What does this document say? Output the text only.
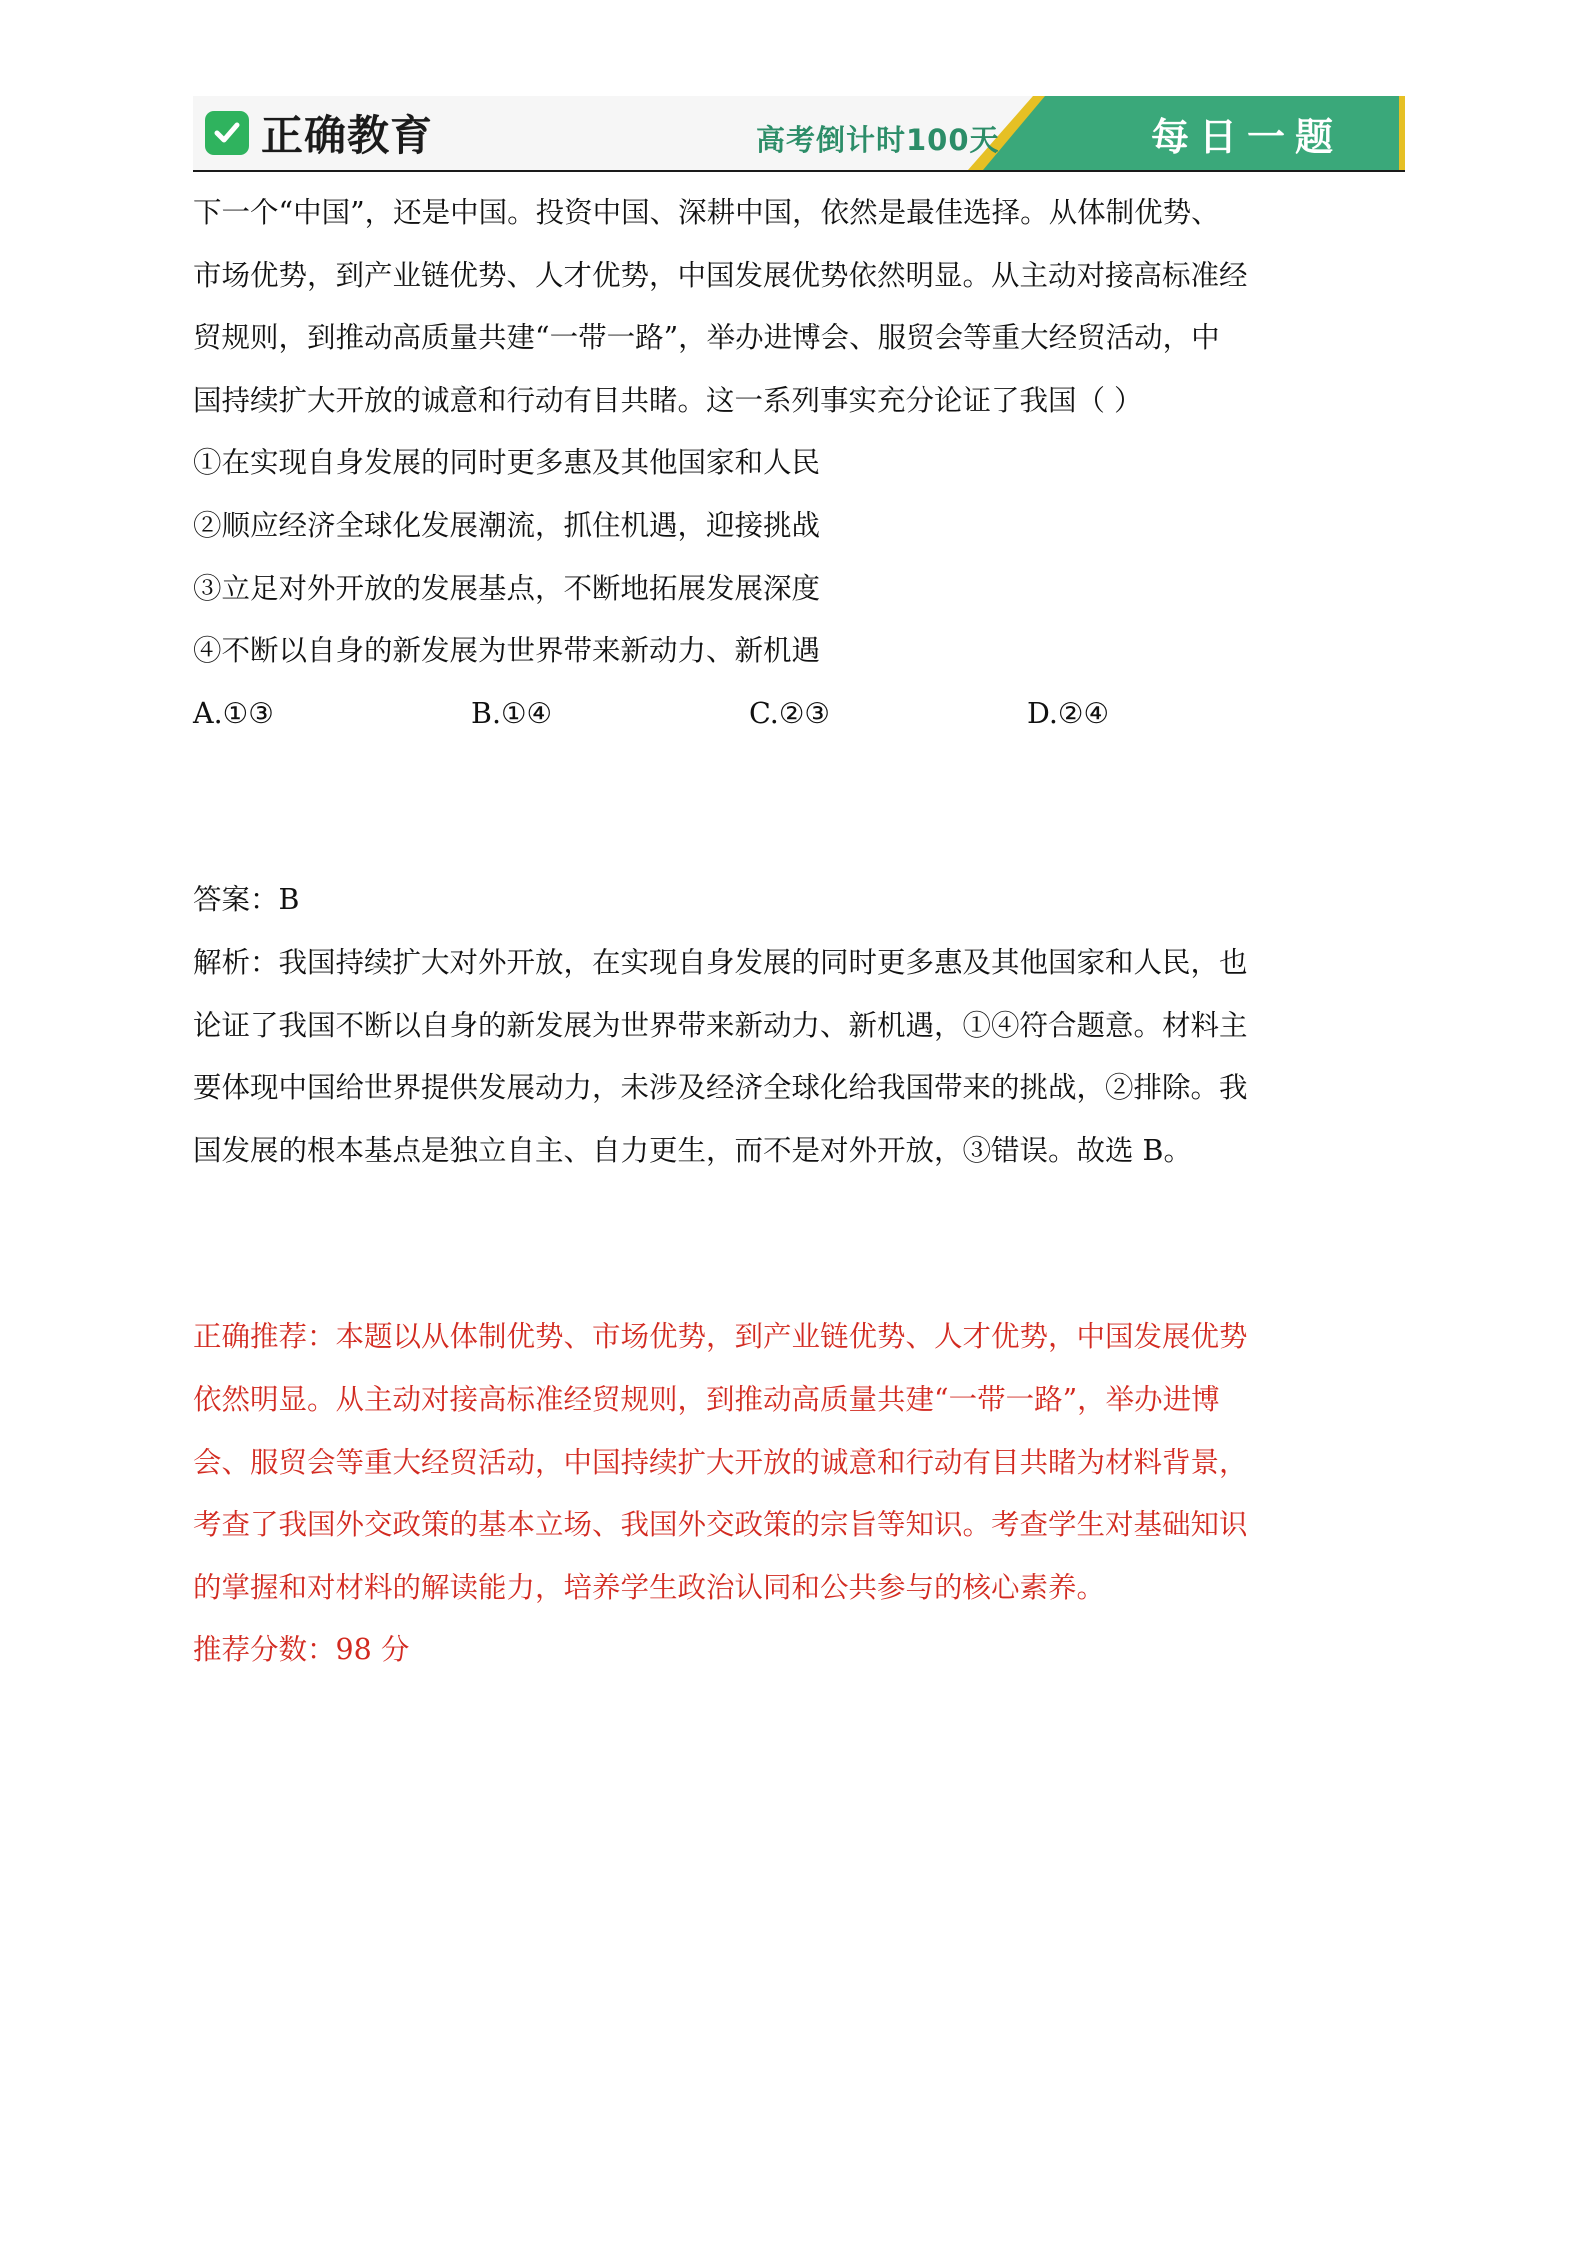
正确教育	高考倒计时100天	每日一题

下一个“中国”，还是中国。投资中国、深耕中国，依然是最佳选择。从体制优势、

市场优势，到产业链优势、人才优势，中国发展优势依然明显。从主动对接高标准经

贸规则，到推动高质量共建“一带一路”，举办进博会、服贸会等重大经贸活动，中

国持续扩大开放的诚意和行动有目共睹。这一系列事实充分论证了我国（ ）

①在实现自身发展的同时更多惠及其他国家和人民

②顺应经济全球化发展潮流，抓住机遇，迎接挑战

③立足对外开放的发展基点，不断地拓展发展深度

④不断以自身的新发展为世界带来新动力、新机遇

A.①③	B.①④	C.②③	D.②④

答案：B

解析：我国持续扩大对外开放，在实现自身发展的同时更多惠及其他国家和人民，也

论证了我国不断以自身的新发展为世界带来新动力、新机遇，①④符合题意。材料主

要体现中国给世界提供发展动力，未涉及经济全球化给我国带来的挑战，②排除。我

国发展的根本基点是独立自主、自力更生，而不是对外开放，③错误。故选 B。

正确推荐：本题以从体制优势、市场优势，到产业链优势、人才优势，中国发展优势

依然明显。从主动对接高标准经贸规则，到推动高质量共建“一带一路”，举办进博

会、服贸会等重大经贸活动，中国持续扩大开放的诚意和行动有目共睹为材料背景，

考查了我国外交政策的基本立场、我国外交政策的宗旨等知识。考查学生对基础知识

的掌握和对材料的解读能力，培养学生政治认同和公共参与的核心素养。

推荐分数：98 分
